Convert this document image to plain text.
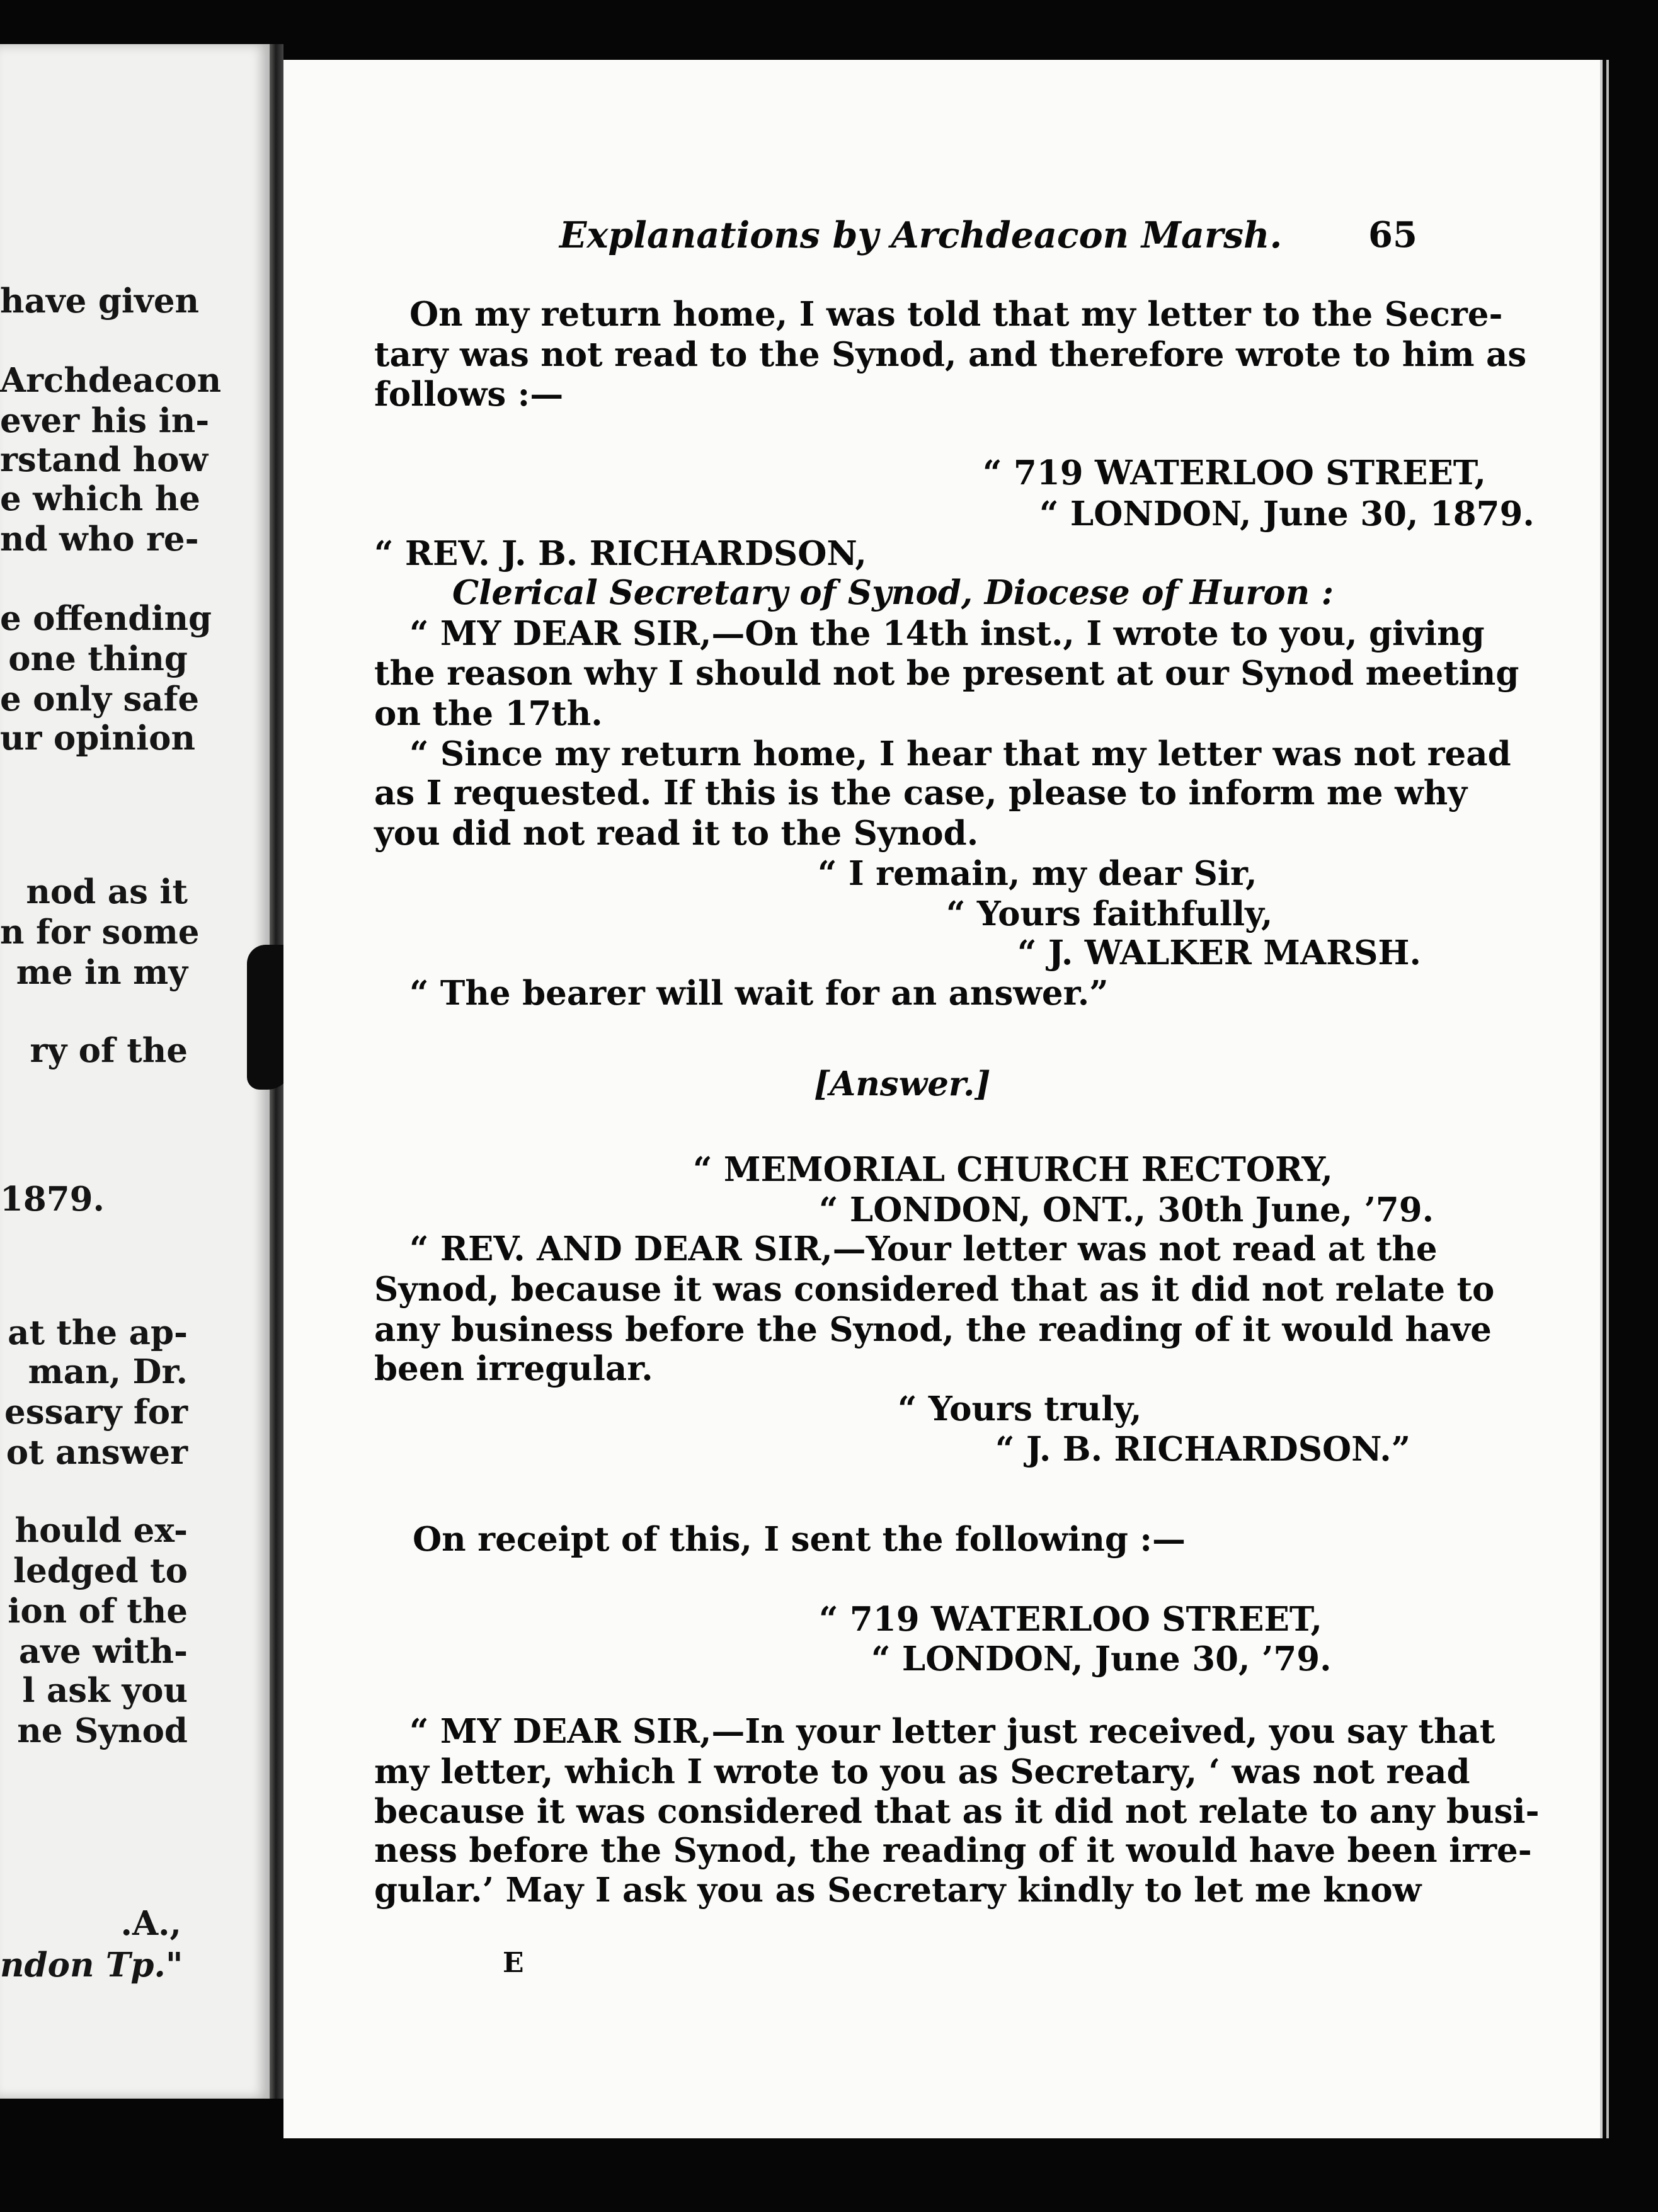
have given
Archdeacon
ever his in-
rstand how
e which he
nd who re-
e offending
one thing
e only safe
ur opinion
nod as it
n for some
me in my
ry of the
1879.
at the ap-
man, Dr.
essary for
ot answer
hould ex-
ledged to
ion of the
ave with-
l ask you
ne Synod
.A.,
ndon Tp."
Explanations by Archdeacon Marsh. 65
On my return home, I was told that my letter to the Secre-
tary was not read to the Synod, and therefore wrote to him as
follows :—
“ 719 WATERLOO STREET,
“ LONDON, June 30, 1879.
“ REV. J. B. RICHARDSON,
Clerical Secretary of Synod, Diocese of Huron :
“ MY DEAR SIR,—On the 14th inst., I wrote to you, giving
the reason why I should not be present at our Synod meeting
on the 17th.
“ Since my return home, I hear that my letter was not read
as I requested. If this is the case, please to inform me why
you did not read it to the Synod.
“ I remain, my dear Sir,
“ Yours faithfully,
“ J. WALKER MARSH.
“ The bearer will wait for an answer.”
[Answer.]
“ MEMORIAL CHURCH RECTORY,
“ LONDON, ONT., 30th June, ’79.
“ REV. AND DEAR SIR,—Your letter was not read at the
Synod, because it was considered that as it did not relate to
any business before the Synod, the reading of it would have
been irregular.
“ Yours truly,
“ J. B. RICHARDSON.”
On receipt of this, I sent the following :—
“ 719 WATERLOO STREET,
“ LONDON, June 30, ’79.
“ MY DEAR SIR,—In your letter just received, you say that
my letter, which I wrote to you as Secretary, ‘ was not read
because it was considered that as it did not relate to any busi-
ness before the Synod, the reading of it would have been irre-
gular.’ May I ask you as Secretary kindly to let me know
E
